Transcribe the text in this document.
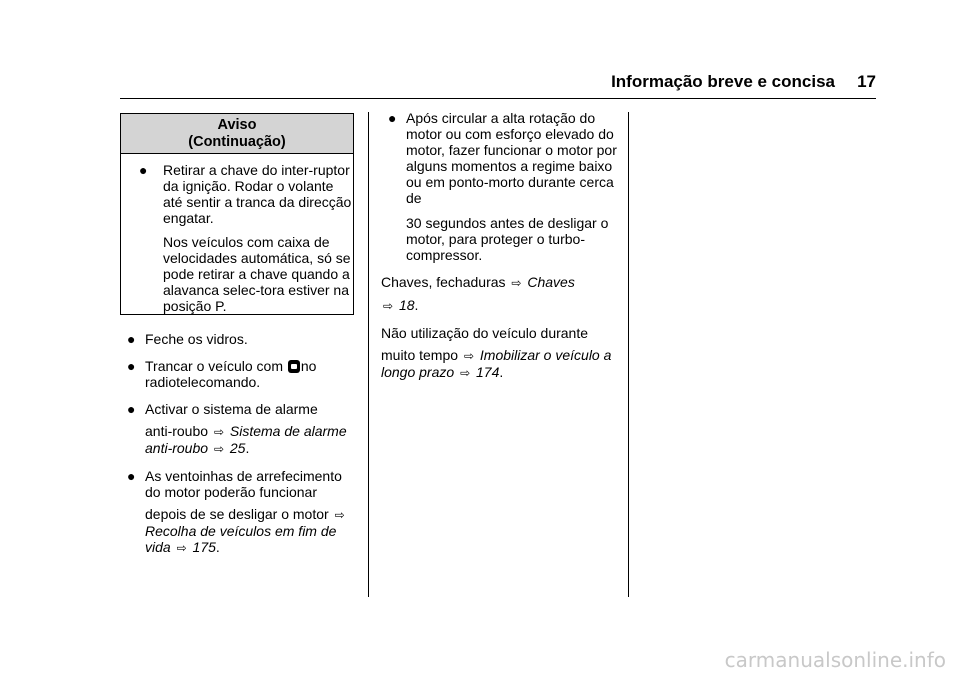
Informação breve e concisa 17
Aviso
(Continuação)
● Retirar a chave do inter-ruptor da ignição. Rodar o volante até sentir a tranca da direcção engatar.
Nos veículos com caixa de velocidades automática, só se pode retirar a chave quando a alavanca selec-tora estiver na posição P.
● Feche os vidros.
● Trancar o veículo com no radiotelecomando.
● Activar o sistema de alarme
anti-roubo ⇨ Sistema de alarme anti-roubo ⇨ 25.
● As ventoinhas de arrefecimento do motor poderão funcionar
depois de se desligar o motor ⇨ Recolha de veículos em fim de vida ⇨ 175.
● Após circular a alta rotação do motor ou com esforço elevado do motor, fazer funcionar o motor por alguns momentos a regime baixo ou em ponto-morto durante cerca de
30 segundos antes de desligar o motor, para proteger o turbo-compressor.
Chaves, fechaduras ⇨ Chaves
⇨ 18.
Não utilização do veículo durante
muito tempo ⇨ Imobilizar o veículo a longo prazo ⇨ 174.
carmanualsonline.info
